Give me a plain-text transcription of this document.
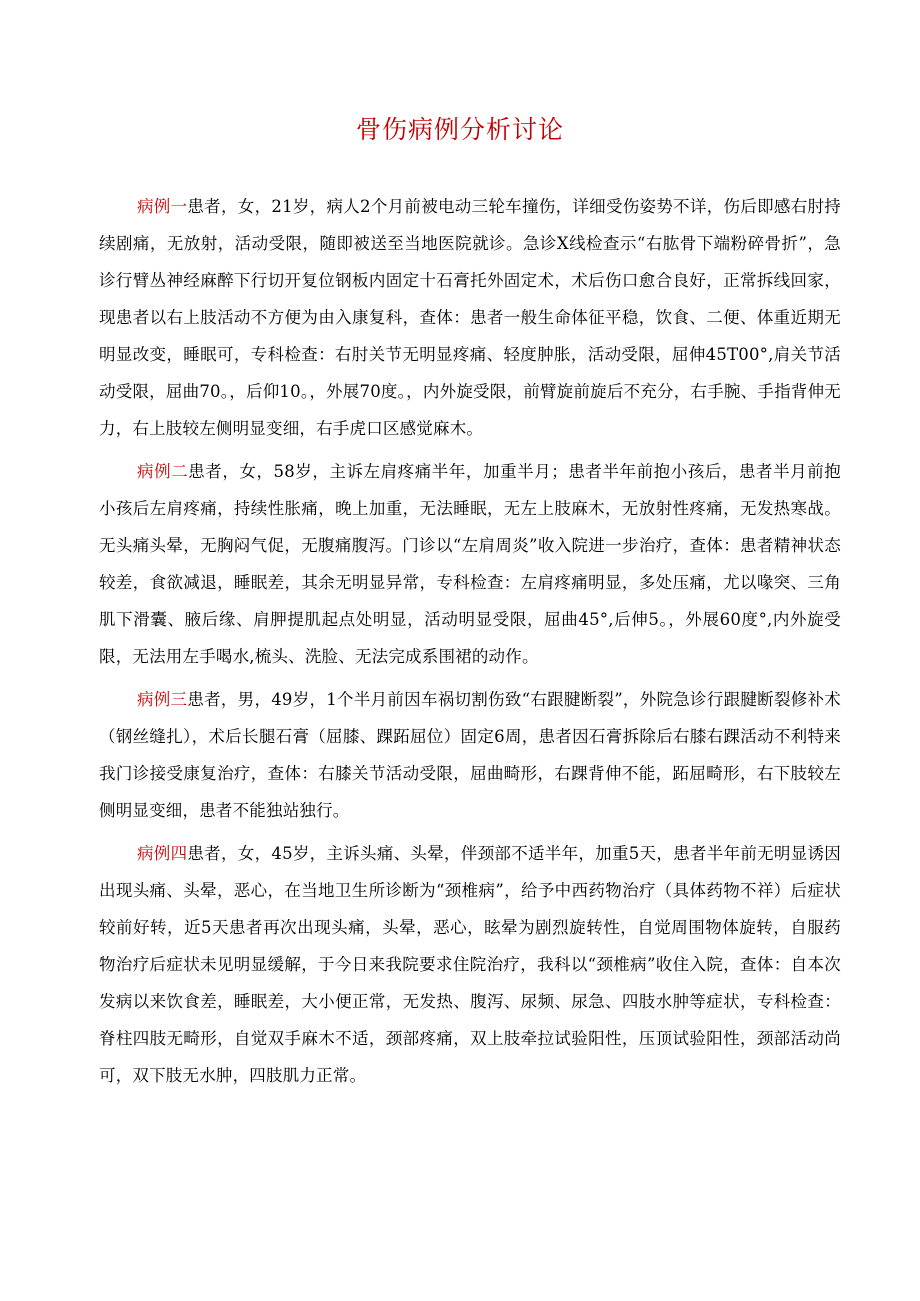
骨伤病例分析讨论

病例一患者，女，21岁，病人2个月前被电动三轮车撞伤，详细受伤姿势不详，伤后即感右肘持续剧痛，无放射，活动受限，随即被送至当地医院就诊。急诊X线检查示“右肱骨下端粉碎骨折”，急诊行臂丛神经麻醉下行切开复位钢板内固定十石膏托外固定术，术后伤口愈合良好，正常拆线回家，现患者以右上肢活动不方便为由入康复科，查体：患者一般生命体征平稳，饮食、二便、体重近期无明显改变，睡眠可，专科检查：右肘关节无明显疼痛、轻度肿胀，活动受限，屈伸45T00°,肩关节活动受限，屈曲70。，后仰10。，外展70度。，内外旋受限，前臂旋前旋后不充分，右手腕、手指背伸无力，右上肢较左侧明显变细，右手虎口区感觉麻木。

病例二患者，女，58岁，主诉左肩疼痛半年，加重半月；患者半年前抱小孩后，患者半月前抱小孩后左肩疼痛，持续性胀痛，晚上加重，无法睡眠，无左上肢麻木，无放射性疼痛，无发热寒战。无头痛头晕，无胸闷气促，无腹痛腹泻。门诊以“左肩周炎”收入院进一步治疗，查体：患者精神状态较差，食欲减退，睡眠差，其余无明显异常，专科检查：左肩疼痛明显，多处压痛，尤以喙突、三角肌下滑囊、腋后缘、肩胛提肌起点处明显，活动明显受限，屈曲45°,后伸5。，外展60度°,内外旋受限，无法用左手喝水,梳头、洗脸、无法完成系围裙的动作。

病例三患者，男，49岁，1个半月前因车祸切割伤致“右跟腱断裂”，外院急诊行跟腱断裂修补术（钢丝缝扎），术后长腿石膏（屈膝、踝跖屈位）固定6周，患者因石膏拆除后右膝右踝活动不利特来我门诊接受康复治疗，查体：右膝关节活动受限，屈曲畸形，右踝背伸不能，跖屈畸形，右下肢较左侧明显变细，患者不能独站独行。

病例四患者，女，45岁，主诉头痛、头晕，伴颈部不适半年，加重5天，患者半年前无明显诱因出现头痛、头晕，恶心，在当地卫生所诊断为“颈椎病”，给予中西药物治疗（具体药物不祥）后症状较前好转，近5天患者再次出现头痛，头晕，恶心，眩晕为剧烈旋转性，自觉周围物体旋转，自服药物治疗后症状未见明显缓解，于今日来我院要求住院治疗，我科以“颈椎病”收住入院，查体：自本次发病以来饮食差，睡眠差，大小便正常，无发热、腹泻、尿频、尿急、四肢水肿等症状，专科检查：脊柱四肢无畸形，自觉双手麻木不适，颈部疼痛，双上肢牵拉试验阳性，压顶试验阳性，颈部活动尚可，双下肢无水肿，四肢肌力正常。
